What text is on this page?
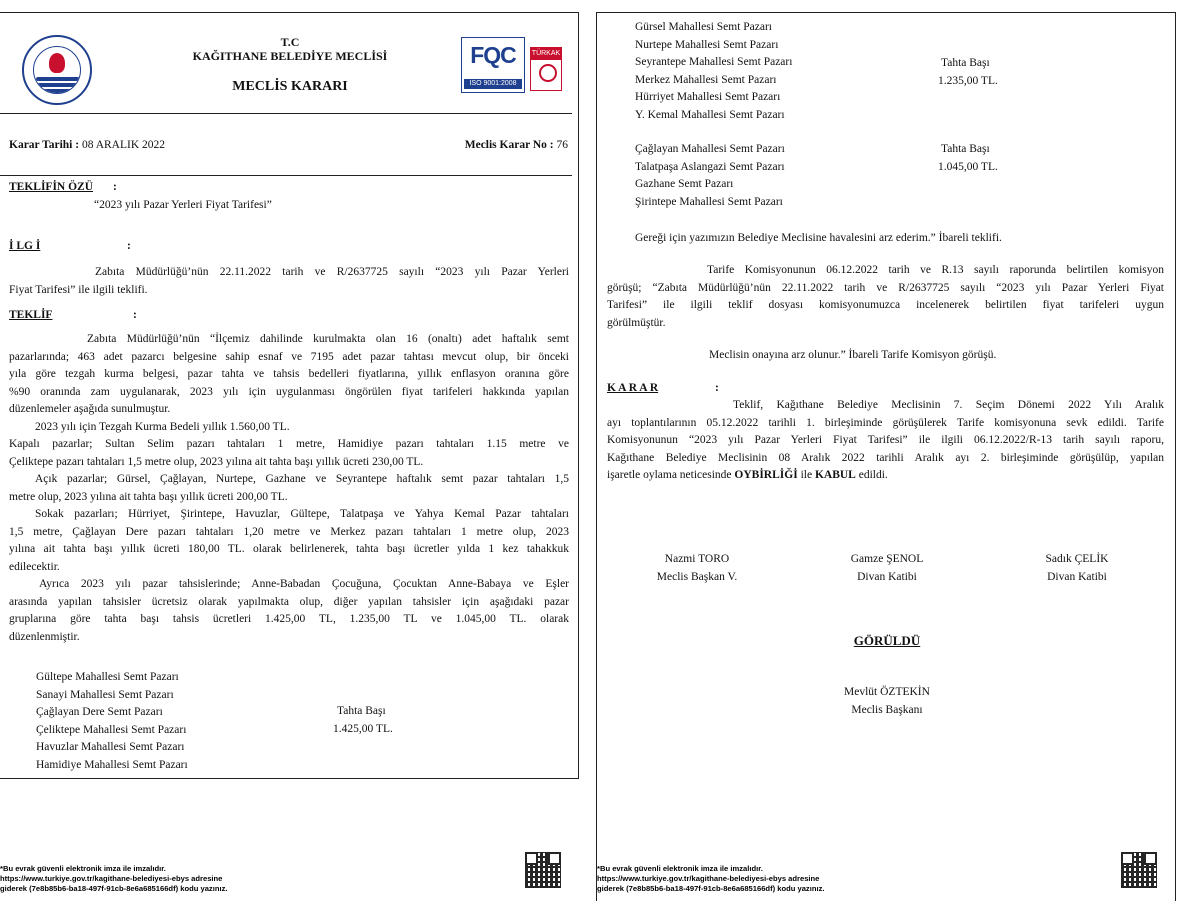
T.C
KAĞITHANE BELEDİYE MECLİSİ
MECLİS KARARI
FQC
ISO 9001:2008
TÜRKAK
Karar Tarihi : 08 ARALIK 2022	Meclis Karar No : 76
TEKLİFİN ÖZÜ :
“2023 yılı Pazar Yerleri Fiyat Tarifesi”
İ LG İ	:
Zabıta Müdürlüğü’nün 22.11.2022 tarih ve R/2637725 sayılı “2023 yılı Pazar Yerleri
Fiyat Tarifesi” ile ilgili teklifi.
TEKLİF	:
Zabıta Müdürlüğü’nün “İlçemiz dahilinde kurulmakta olan 16 (onaltı) adet haftalık semt
pazarlarında; 463 adet pazarcı belgesine sahip esnaf ve 7195 adet pazar tahtası mevcut olup, bir önceki
yıla göre tezgah kurma belgesi, pazar tahta ve tahsis bedelleri fiyatlarına, yıllık enflasyon oranına göre
%90 oranında zam uygulanarak, 2023 yılı için uygulanması öngörülen fiyat tarifeleri hakkında yapılan
düzenlemeler aşağıda sunulmuştur.
2023 yılı için Tezgah Kurma Bedeli yıllık 1.560,00 TL.
Kapalı pazarlar; Sultan Selim pazarı tahtaları 1 metre, Hamidiye pazarı tahtaları 1.15 metre ve
Çeliktepe pazarı tahtaları 1,5 metre olup, 2023 yılına ait tahta başı yıllık ücreti 230,00 TL.
Açık pazarlar; Gürsel, Çağlayan, Nurtepe, Gazhane ve Seyrantepe haftalık semt pazar tahtaları 1,5
metre olup, 2023 yılına ait tahta başı yıllık ücreti 200,00 TL.
Sokak pazarları; Hürriyet, Şirintepe, Havuzlar, Gültepe, Talatpaşa ve Yahya Kemal Pazar tahtaları
1,5 metre, Çağlayan Dere pazarı tahtaları 1,20 metre ve Merkez pazarı tahtaları 1 metre olup, 2023
yılına ait tahta başı yıllık ücreti 180,00 TL. olarak belirlenerek, tahta başı ücretler yılda 1 kez tahakkuk
edilecektir.
Ayrıca 2023 yılı pazar tahsislerinde; Anne-Babadan Çocuğuna, Çocuktan Anne-Babaya ve Eşler
arasında yapılan tahsisler ücretsiz olarak yapılmakta olup, diğer yapılan tahsisler için aşağıdaki pazar
gruplarına göre tahta başı tahsis ücretleri 1.425,00 TL, 1.235,00 TL ve 1.045,00 TL. olarak
düzenlenmiştir.
Gültepe Mahallesi Semt Pazarı
Sanayi Mahallesi Semt Pazarı
Çağlayan Dere Semt Pazarı
Çeliktepe Mahallesi Semt Pazarı
Havuzlar Mahallesi Semt Pazarı
Hamidiye Mahallesi Semt Pazarı
Tahta Başı
1.425,00 TL.
*Bu evrak güvenli elektronik imza ile imzalıdır.
https://www.turkiye.gov.tr/kagithane-belediyesi-ebys adresine
giderek (7e8b85b6-ba18-497f-91cb-8e6a685166df) kodu yazınız.
Gürsel Mahallesi Semt Pazarı
Nurtepe Mahallesi Semt Pazarı
Seyrantepe Mahallesi Semt Pazarı
Merkez Mahallesi Semt Pazarı
Hürriyet Mahallesi Semt Pazarı
Y. Kemal Mahallesi Semt Pazarı
Tahta Başı
1.235,00 TL.
Çağlayan Mahallesi Semt Pazarı
Talatpaşa Aslangazi Semt Pazarı
Gazhane Semt Pazarı
Şirintepe Mahallesi Semt Pazarı
Tahta Başı
1.045,00 TL.
Gereği için yazımızın Belediye Meclisine havalesini arz ederim.” İbareli teklifi.
Tarife Komisyonunun 06.12.2022 tarih ve R.13 sayılı raporunda belirtilen komisyon
görüşü; “Zabıta Müdürlüğü’nün 22.11.2022 tarih ve R/2637725 sayılı “2023 yılı Pazar Yerleri Fiyat
Tarifesi” ile ilgili teklif dosyası komisyonumuzca incelenerek belirtilen fiyat tarifeleri uygun
görülmüştür.
Meclisin onayına arz olunur.” İbareli Tarife Komisyon görüşü.
K A R A R	:
Teklif, Kağıthane Belediye Meclisinin 7. Seçim Dönemi 2022 Yılı Aralık
ayı toplantılarının 05.12.2022 tarihli 1. birleşiminde görüşülerek Tarife komisyonuna sevk edildi. Tarife
Komisyonunun “2023 yılı Pazar Yerleri Fiyat Tarifesi” ile ilgili 06.12.2022/R-13 tarih sayılı raporu,
Kağıthane Belediye Meclisinin 08 Aralık 2022 tarihli Aralık ayı 2. birleşiminde görüşülüp, yapılan
işaretle oylama neticesinde OYBİRLİĞİ ile KABUL edildi.
Nazmi TORO
Meclis Başkan V.
Gamze ŞENOL
Divan Katibi
Sadık ÇELİK
Divan Katibi
GÖRÜLDÜ
Mevlüt ÖZTEKİN
Meclis Başkanı
*Bu evrak güvenli elektronik imza ile imzalıdır.
https://www.turkiye.gov.tr/kagithane-belediyesi-ebys adresine
giderek (7e8b85b6-ba18-497f-91cb-8e6a685166df) kodu yazınız.
